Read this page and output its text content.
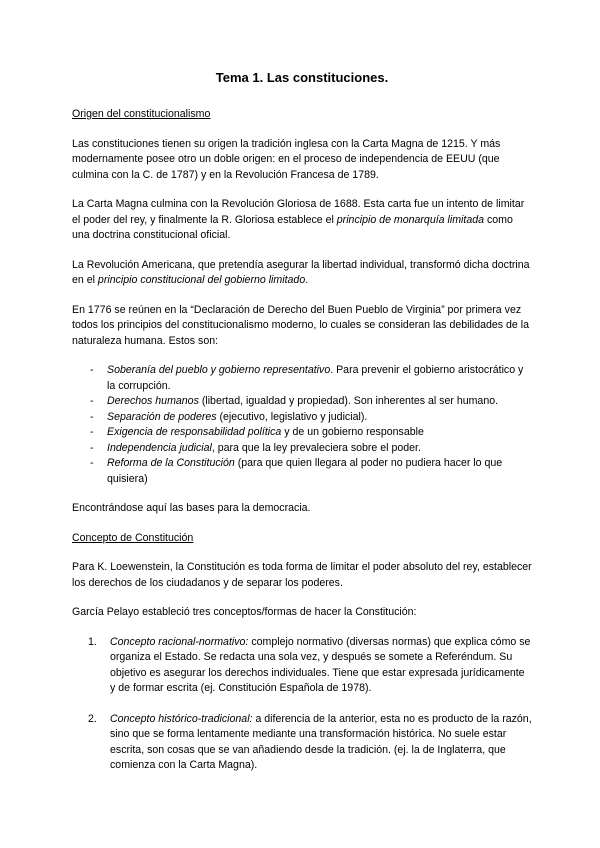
Tema 1. Las constituciones.
Origen del constitucionalismo

Las constituciones tienen su origen la tradición inglesa con la Carta Magna de 1215. Y más modernamente posee otro un doble origen: en el proceso de independencia de EEUU (que culmina con la C. de 1787) y en la Revolución Francesa de 1789.

La Carta Magna culmina con la Revolución Gloriosa de 1688. Esta carta fue un intento de limitar el poder del rey, y finalmente la R. Gloriosa establece el principio de monarquía limitada como una doctrina constitucional oficial.

La Revolución Americana, que pretendía asegurar la libertad individual, transformó dicha doctrina en el principio constitucional del gobierno limitado.

En 1776 se reúnen en la “Declaración de Derecho del Buen Pueblo de Virginia” por primera vez todos los principios del constitucionalismo moderno, lo cuales se consideran las debilidades de la naturaleza humana. Estos son:

-	Soberanía del pueblo y gobierno representativo. Para prevenir el gobierno aristocrático y la corrupción.
-	Derechos humanos (libertad, igualdad y propiedad). Son inherentes al ser humano.
-	Separación de poderes (ejecutivo, legislativo y judicial).
-	Exigencia de responsabilidad política y de un gobierno responsable
-	Independencia judicial, para que la ley prevaleciera sobre el poder.
-	Reforma de la Constitución (para que quien llegara al poder no pudiera hacer lo que quisiera)

Encontrándose aquí las bases para la democracia.

Concepto de Constitución

Para K. Loewenstein, la Constitución es toda forma de limitar el poder absoluto del rey, establecer los derechos de los ciudadanos y de separar los poderes.

García Pelayo estableció tres conceptos/formas de hacer la Constitución:

1.	Concepto racional-normativo: complejo normativo (diversas normas) que explica cómo se organiza el Estado. Se redacta una sola vez, y después se somete a Referéndum. Su objetivo es asegurar los derechos individuales. Tiene que estar expresada jurídicamente y de formar escrita (ej. Constitución Española de 1978).
2.	Concepto histórico-tradicional: a diferencia de la anterior, esta no es producto de la razón, sino que se forma lentamente mediante una transformación histórica. No suele estar escrita, son cosas que se van añadiendo desde la tradición. (ej. la de Inglaterra, que comienza con la Carta Magna).
